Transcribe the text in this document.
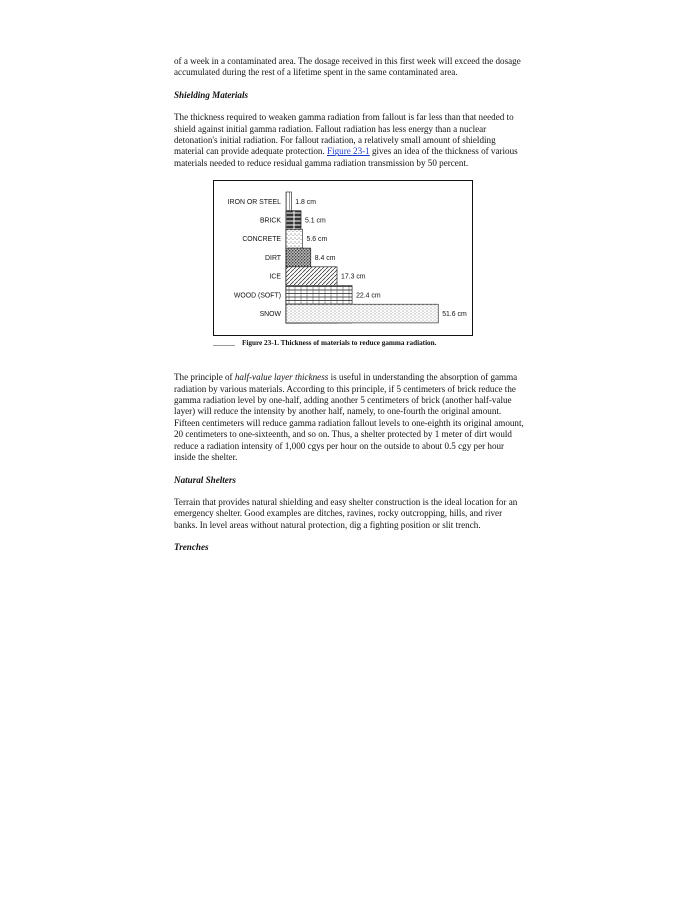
of a week in a contaminated area. The dosage received in this first week will exceed the dosage accumulated during the rest of a lifetime spent in the same contaminated area.

Shielding Materials

The thickness required to weaken gamma radiation from fallout is far less than that needed to shield against initial gamma radiation. Fallout radiation has less energy than a nuclear detonation's initial radiation. For fallout radiation, a relatively small amount of shielding material can provide adequate protection. Figure 23-1 gives an idea of the thickness of various materials needed to reduce residual gamma radiation transmission by 50 percent.

IRON OR STEEL 1.8 cm
BRICK	5.1 cm
CONCRETE	5.6 cm
DIRT	8.4 cm
ICE	17.3 cm
WOOD (SOFT)	22.4 cm
SNOW	51.6 cm
Figure 23-1. Thickness of materials to reduce gamma radiation.

The principle of half-value layer thickness is useful in understanding the absorption of gamma radiation by various materials. According to this principle, if 5 centimeters of brick reduce the gamma radiation level by one-half, adding another 5 centimeters of brick (another half-value layer) will reduce the intensity by another half, namely, to one-fourth the original amount. Fifteen centimeters will reduce gamma radiation fallout levels to one-eighth its original amount, 20 centimeters to one-sixteenth, and so on. Thus, a shelter protected by 1 meter of dirt would reduce a radiation intensity of 1,000 cgys per hour on the outside to about 0.5 cgy per hour inside the shelter.

Natural Shelters

Terrain that provides natural shielding and easy shelter construction is the ideal location for an emergency shelter. Good examples are ditches, ravines, rocky outcropping, hills, and river banks. In level areas without natural protection, dig a fighting position or slit trench.

Trenches
